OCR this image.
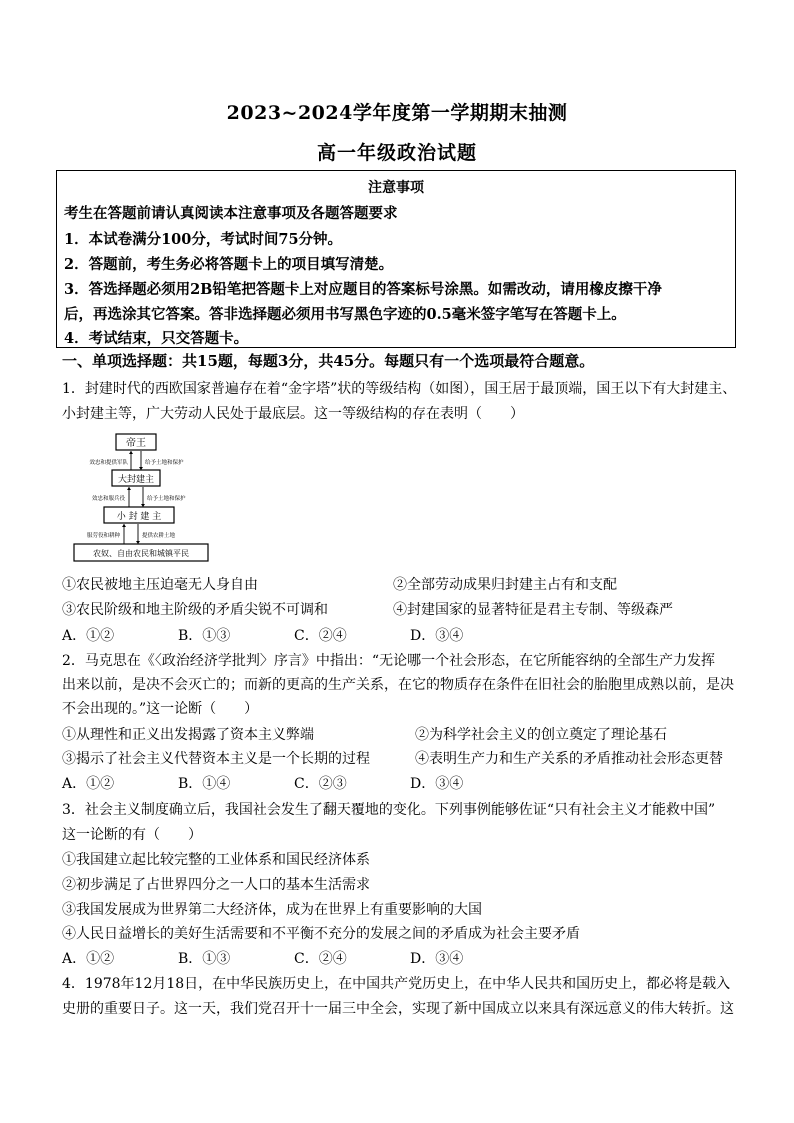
2023~2024学年度第一学期期末抽测
高一年级政治试题
注意事项
考生在答题前请认真阅读本注意事项及各题答题要求
1．本试卷满分100分，考试时间75分钟。
2．答题前，考生务必将答题卡上的项目填写清楚。
3．答选择题必须用2B铅笔把答题卡上对应题目的答案标号涂黑。如需改动，请用橡皮擦干净
后，再选涂其它答案。答非选择题必须用书写黑色字迹的0.5毫米签字笔写在答题卡上。
4．考试结束，只交答题卡。
一、单项选择题：共15题，每题3分，共45分。每题只有一个选项最符合题意。
1．封建时代的西欧国家普遍存在着“金字塔”状的等级结构（如图），国王居于最顶端，国王以下有大封建主、
小封建主等，广大劳动人民处于最底层。这一等级结构的存在表明（　　）
帝王
效忠和提供军队	给予土地和保护
大封建主
效忠和服兵役	给予土地和保护
小 封 建 主
服劳役和耕种	提供农耕土地
农奴、自由农民和城镇平民
①农民被地主压迫毫无人身自由	②全部劳动成果归封建主占有和支配
③农民阶级和地主阶级的矛盾尖锐不可调和	④封建国家的显著特征是君主专制、等级森严
A．①②	B．①③	C．②④	D．③④
2．马克思在《〈政治经济学批判〉序言》中指出：“无论哪一个社会形态，在它所能容纳的全部生产力发挥
出来以前，是决不会灭亡的；而新的更高的生产关系，在它的物质存在条件在旧社会的胎胞里成熟以前，是决
不会出现的。”这一论断（　　）
①从理性和正义出发揭露了资本主义弊端	②为科学社会主义的创立奠定了理论基石
③揭示了社会主义代替资本主义是一个长期的过程	④表明生产力和生产关系的矛盾推动社会形态更替
A．①②	B．①④	C．②③	D．③④
3．社会主义制度确立后，我国社会发生了翻天覆地的变化。下列事例能够佐证“只有社会主义才能救中国”
这一论断的有（　　）
①我国建立起比较完整的工业体系和国民经济体系
②初步满足了占世界四分之一人口的基本生活需求
③我国发展成为世界第二大经济体，成为在世界上有重要影响的大国
④人民日益增长的美好生活需要和不平衡不充分的发展之间的矛盾成为社会主要矛盾
A．①②	B．①③	C．②④	D．③④
4．1978年12月18日，在中华民族历史上，在中国共产党历史上，在中华人民共和国历史上，都必将是载入
史册的重要日子。这一天，我们党召开十一届三中全会，实现了新中国成立以来具有深远意义的伟大转折。这
